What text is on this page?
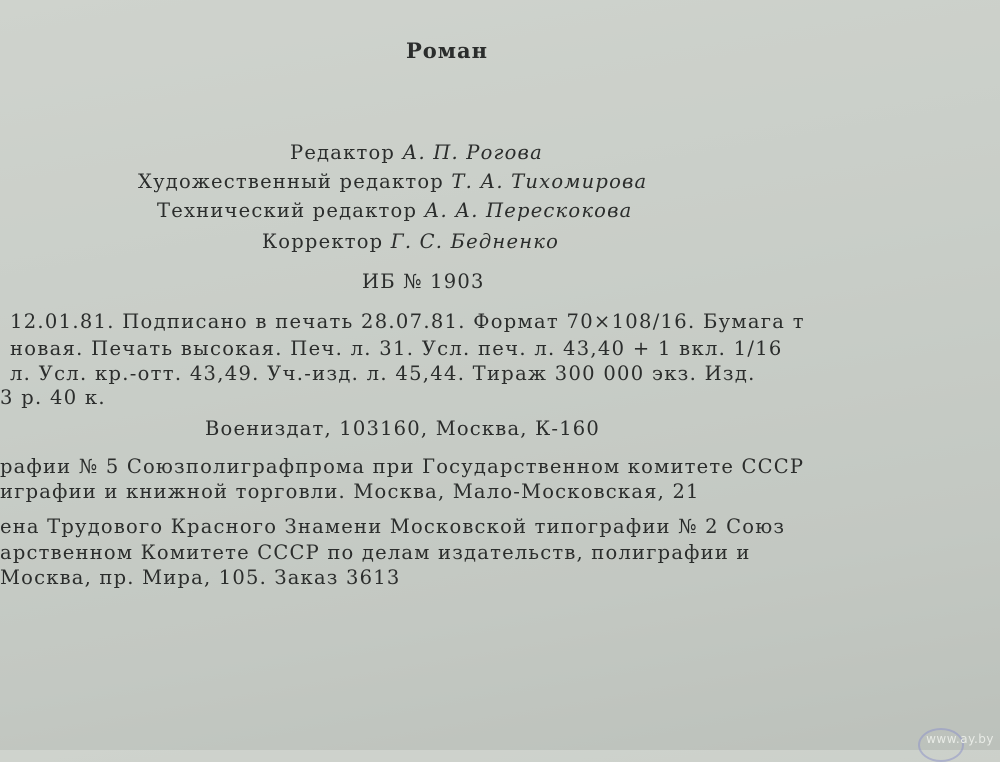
Роман
Редактор А. П. Рогова
Художественный редактор Т. А. Тихомирова
Технический редактор А. А. Перескокова
Корректор Г. С. Бедненко
ИБ № 1903
12.01.81. Подписано в печать 28.07.81. Формат 70×108/16. Бумага т
новая. Печать высокая. Печ. л. 31. Усл. печ. л. 43,40 + 1 вкл. 1/16
л. Усл. кр.-отт. 43,49. Уч.-изд. л. 45,44. Тираж 300 000 экз. Изд.
3 р. 40 к.
Воениздат, 103160, Москва, К-160
рафии № 5 Союзполиграфпрома при Государственном комитете СССР
играфии и книжной торговли. Москва, Мало-Московская, 21
ена Трудового Красного Знамени Московской типографии № 2 Союз
арственном Комитете СССР по делам издательств, полиграфии и
Москва, пр. Мира, 105. Заказ 3613
www.ay.by
